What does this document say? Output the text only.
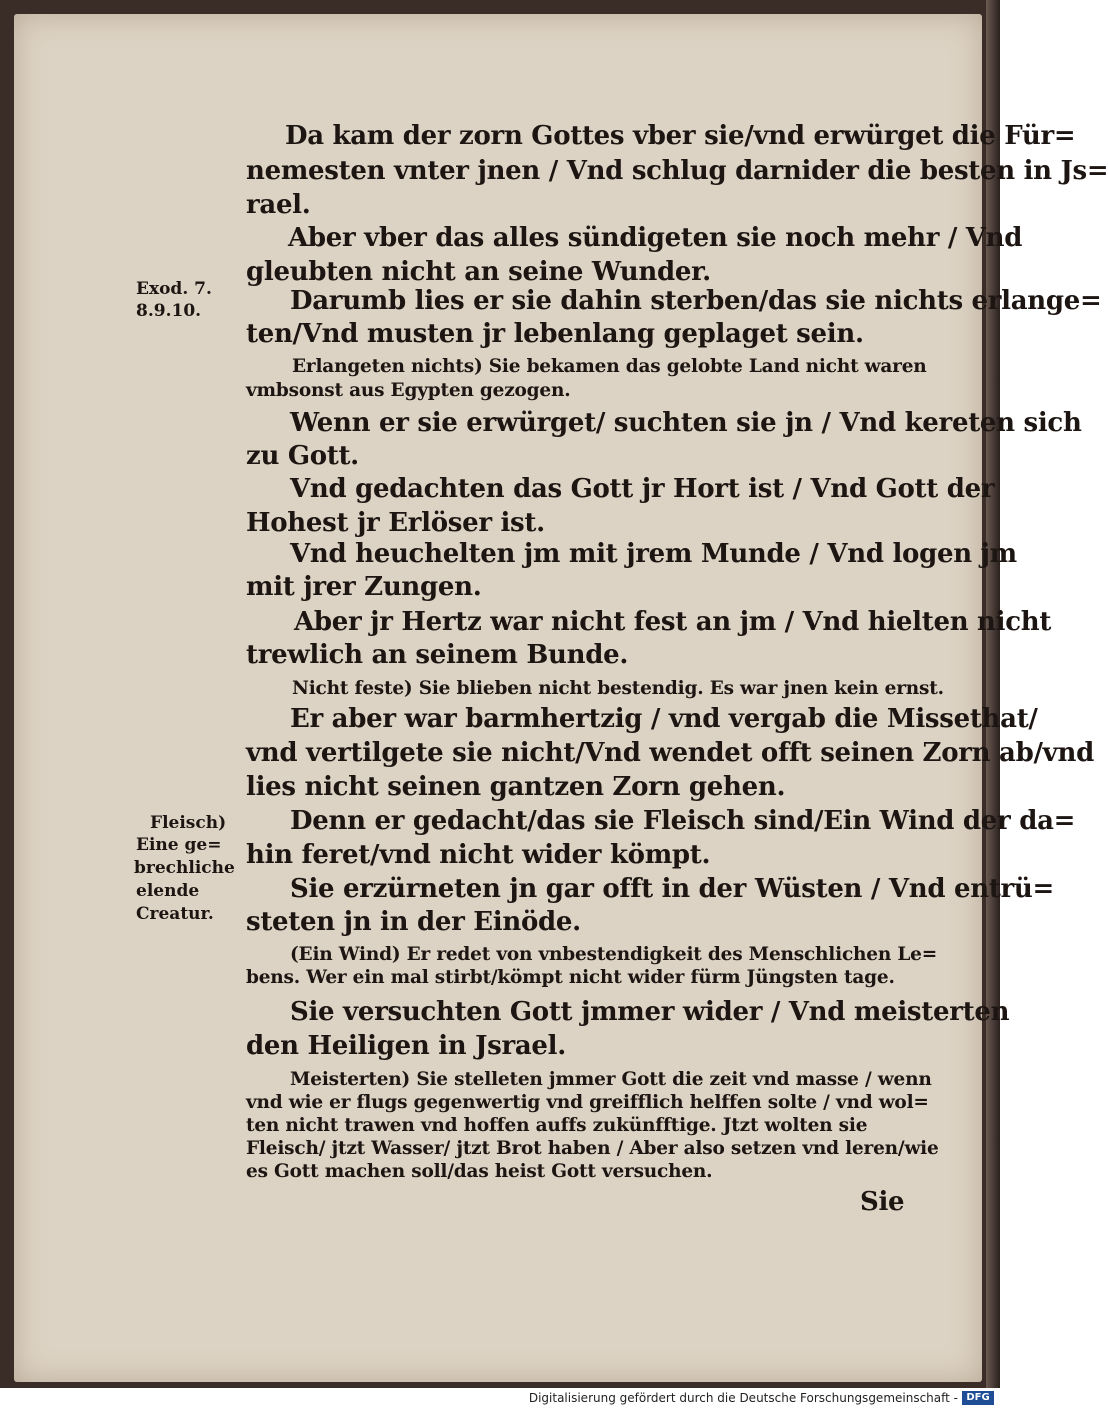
Da kam der zorn Gottes vber sie/vnd erwürget die Für=
nemesten vnter jnen / Vnd schlug darnider die besten in Js=
rael.
Aber vber das alles sündigeten sie noch mehr / Vnd
gleubten nicht an seine Wunder.
Darumb lies er sie dahin sterben/das sie nichts erlange=
ten/Vnd musten jr lebenlang geplaget sein.
Erlangeten nichts) Sie bekamen das gelobte Land nicht waren
vmbsonst aus Egypten gezogen.
Wenn er sie erwürget/ suchten sie jn / Vnd kereten sich
zu Gott.
Vnd gedachten das Gott jr Hort ist / Vnd Gott der
Hohest jr Erlöser ist.
Vnd heuchelten jm mit jrem Munde / Vnd logen jm
mit jrer Zungen.
Aber jr Hertz war nicht fest an jm / Vnd hielten nicht
trewlich an seinem Bunde.
Nicht feste) Sie blieben nicht bestendig. Es war jnen kein ernst.
Er aber war barmhertzig / vnd vergab die Missethat/
vnd vertilgete sie nicht/Vnd wendet offt seinen Zorn ab/vnd
lies nicht seinen gantzen Zorn gehen.
Denn er gedacht/das sie Fleisch sind/Ein Wind der da=
hin feret/vnd nicht wider kömpt.
Sie erzürneten jn gar offt in der Wüsten / Vnd entrü=
steten jn in der Einöde.
(Ein Wind) Er redet von vnbestendigkeit des Menschlichen Le=
bens. Wer ein mal stirbt/kömpt nicht wider fürm Jüngsten tage.
Sie versuchten Gott jmmer wider / Vnd meisterten
den Heiligen in Jsrael.
Meisterten) Sie stelleten jmmer Gott die zeit vnd masse / wenn
vnd wie er flugs gegenwertig vnd greifflich helffen solte / vnd wol=
ten nicht trawen vnd hoffen auffs zukünfftige. Jtzt wolten sie
Fleisch/ jtzt Wasser/ jtzt Brot haben / Aber also setzen vnd leren/wie
es Gott machen soll/das heist Gott versuchen.
Sie
Exod. 7.
8.9.10.
Fleisch)
Eine ge=
brechliche
elende
Creatur.
Digitalisierung gefördert durch die Deutsche Forschungsgemeinschaft - DFG
